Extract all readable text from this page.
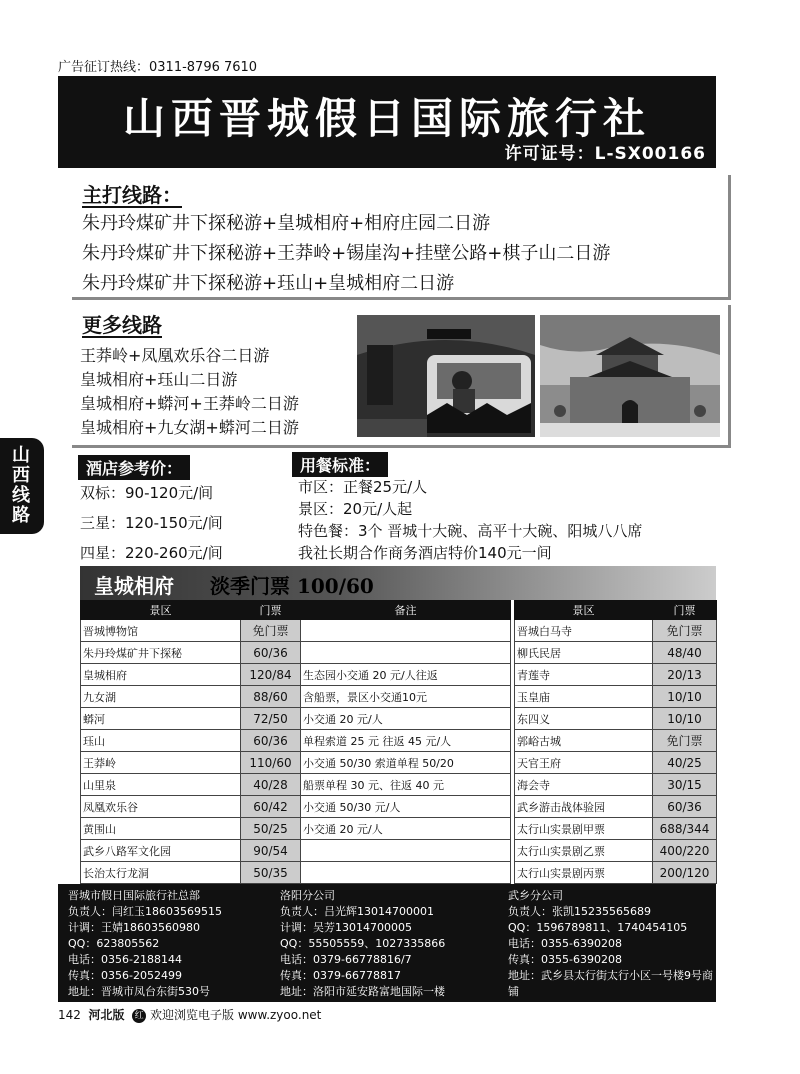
广告征订热线：0311-8796 7610
山西晋城假日国际旅行社
许可证号：L-SX00166
主打线路：
朱丹玲煤矿井下探秘游+皇城相府+相府庄园二日游
朱丹玲煤矿井下探秘游+王莽岭+锡崖沟+挂壁公路+棋子山二日游
朱丹玲煤矿井下探秘游+珏山+皇城相府二日游
更多线路
王莽岭+凤凰欢乐谷二日游
皇城相府+珏山二日游
皇城相府+蟒河+王莽岭二日游
皇城相府+九女湖+蟒河二日游
山西线路
酒店参考价：
双标：90-120元/间
三星：120-150元/间
四星：220-260元/间
用餐标准：
市区：正餐25元/人
景区：20元/人起
特色餐：3个 晋城十大碗、高平十大碗、阳城八八席
我社长期合作商务酒店特价140元一间
皇城相府 淡季门票 100/60
景区	门票	备注		景区	门票
晋城博物馆	免门票			晋城白马寺	免门票
朱丹玲煤矿井下探秘	60/36			柳氏民居	48/40
皇城相府	120/84	生态园小交通 20 元/人往返		青莲寺	20/13
九女湖	88/60	含船票，景区小交通10元		玉皇庙	10/10
蟒河	72/50	小交通 20 元/人		东四义	10/10
珏山	60/36	单程索道 25 元 往返 45 元/人		郭峪古城	免门票
王莽岭	110/60	小交通 50/30 索道单程 50/20		天官王府	40/25
山里泉	40/28	船票单程 30 元、往返 40 元		海会寺	30/15
凤凰欢乐谷	60/42	小交通 50/30 元/人		武乡游击战体验园	60/36
黄围山	50/25	小交通 20 元/人		太行山实景剧甲票	688/344
武乡八路军文化园	90/54			太行山实景剧乙票	400/220
长治太行龙洞	50/35			太行山实景剧丙票	200/120
晋城市假日国际旅行社总部
负责人：闫红玉18603569515
计调：王婧18603560980
QQ：623805562
电话：0356-2188144
传真：0356-2052499
地址：晋城市凤台东街530号
洛阳分公司
负责人：吕光辉13014700001
计调：吴芳13014700005
QQ：55505559、1027335866
电话：0379-66778816/7
传真：0379-66778817
地址：洛阳市延安路富地国际一楼
武乡分公司
负责人：张凯15235565689
QQ：1596789811、1740454105
电话：0355-6390208
传真：0355-6390208
地址：武乡县太行街太行小区一号楼9号商铺
142 河北版 红 欢迎浏览电子版 www.zyoo.net
